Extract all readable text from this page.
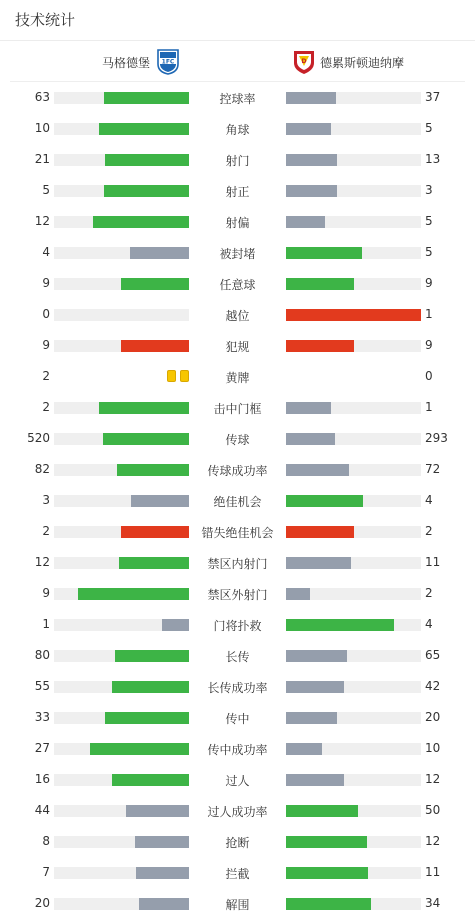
技术统计
马格德堡 1FC	D 德累斯顿迪纳摩
63	控球率	37
10	角球	5
21	射门	13
5	射正	3
12	射偏	5
4	被封堵	5
9	任意球	9
0	越位	1
9	犯规	9
2	黄牌	0
2	击中门框	1
520	传球	293
82	传球成功率	72
3	绝佳机会	4
2	错失绝佳机会	2
12	禁区内射门	11
9	禁区外射门	2
1	门将扑救	4
80	长传	65
55	长传成功率	42
33	传中	20
27	传中成功率	10
16	过人	12
44	过人成功率	50
8	抢断	12
7	拦截	11
20	解围	34
